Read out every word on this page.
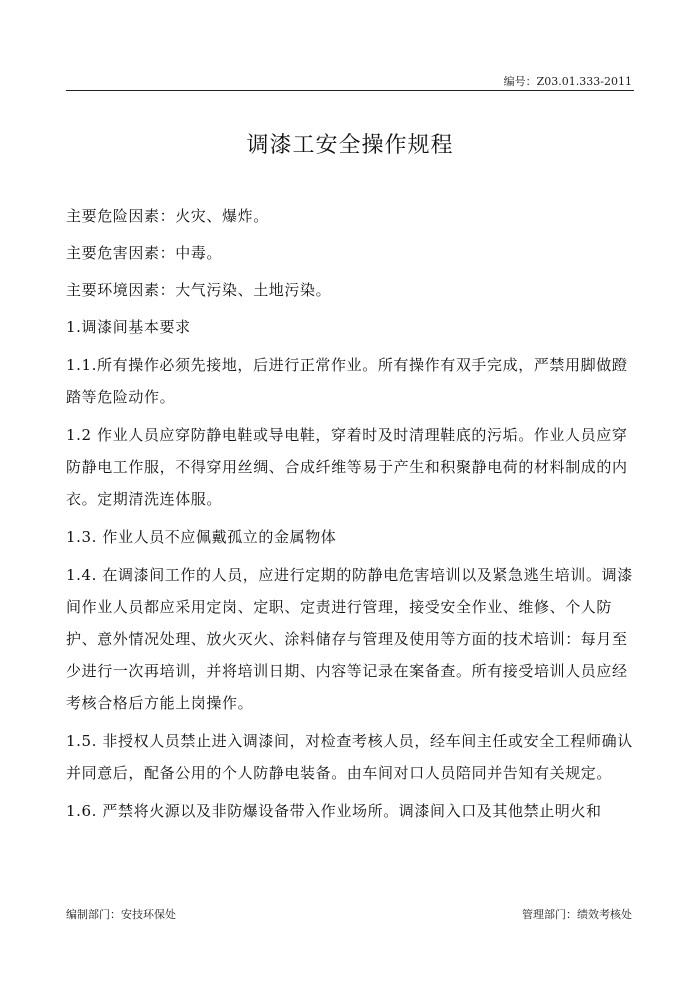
编号：Z03.01.333-2011
调漆工安全操作规程

主要危险因素：火灾、爆炸。

主要危害因素：中毒。

主要环境因素：大气污染、土地污染。

1.调漆间基本要求

1.1.所有操作必须先接地，后进行正常作业。所有操作有双手完成，严禁用脚做蹬踏等危险动作。

1.2 作业人员应穿防静电鞋或导电鞋，穿着时及时清理鞋底的污垢。作业人员应穿防静电工作服，不得穿用丝绸、合成纤维等易于产生和积聚静电荷的材料制成的内衣。定期清洗连体服。

1.3. 作业人员不应佩戴孤立的金属物体

1.4. 在调漆间工作的人员，应进行定期的防静电危害培训以及紧急逃生培训。调漆间作业人员都应采用定岗、定职、定责进行管理，接受安全作业、维修、个人防护、意外情况处理、放火灭火、涂料储存与管理及使用等方面的技术培训：每月至少进行一次再培训，并将培训日期、内容等记录在案备查。所有接受培训人员应经考核合格后方能上岗操作。

1.5. 非授权人员禁止进入调漆间，对检查考核人员，经车间主任或安全工程师确认并同意后，配备公用的个人防静电装备。由车间对口人员陪同并告知有关规定。

1.6. 严禁将火源以及非防爆设备带入作业场所。调漆间入口及其他禁止明火和

编制部门：安技环保处	管理部门：绩效考核处
